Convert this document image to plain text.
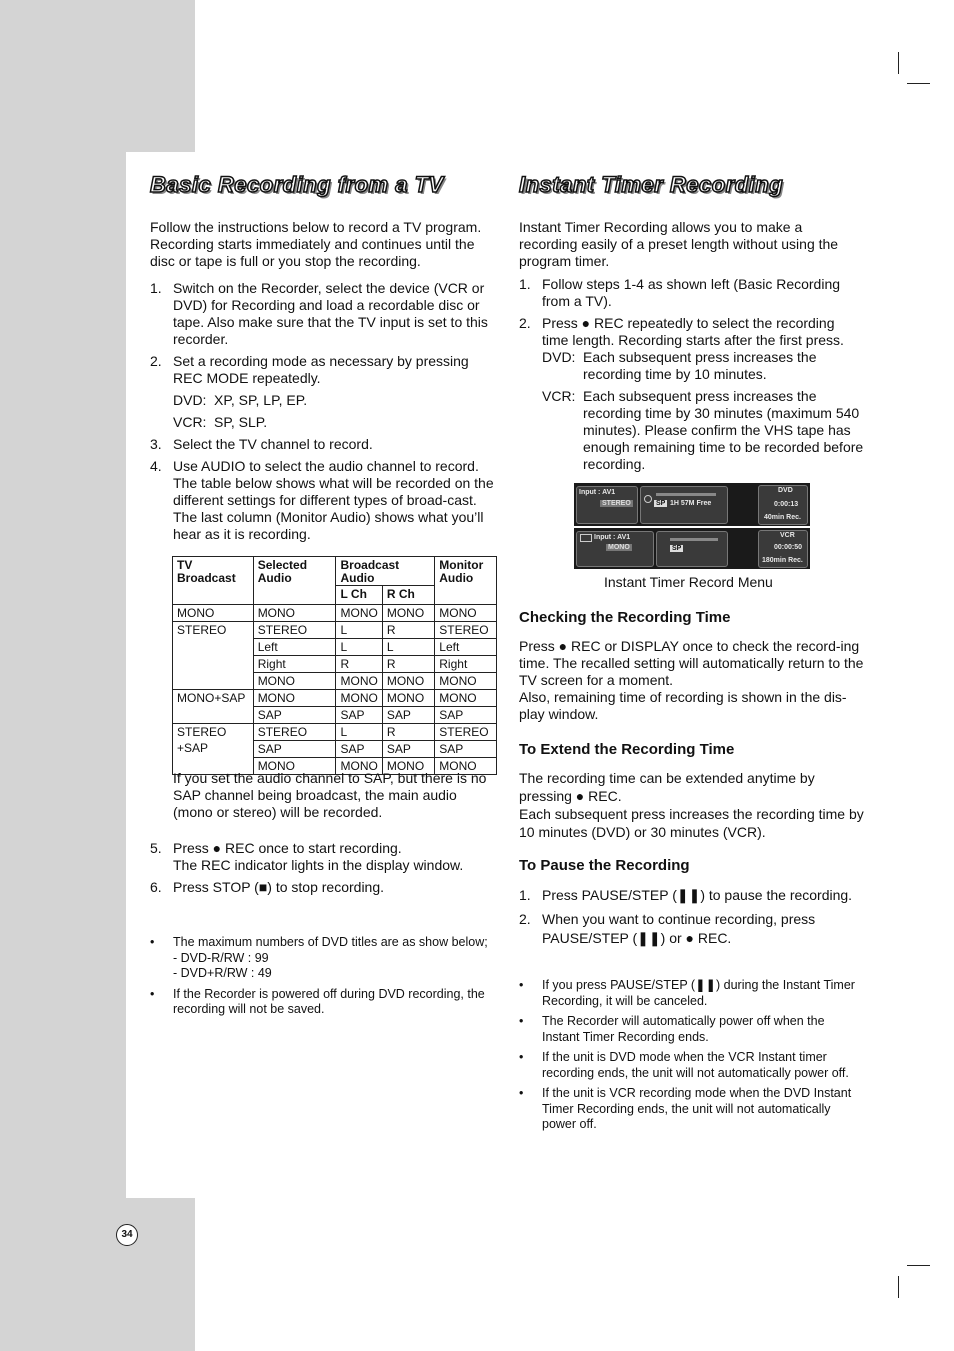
34
Basic Recording from a TV

Follow the instructions below to record a TV program. Recording starts immediately and continues until the disc or tape is full or you stop the recording.

1. Switch on the Recorder, select the device (VCR or DVD) for Recording and load a recordable disc or tape. Also make sure that the TV input is set to this recorder.
2. Set a recording mode as necessary by pressing REC MODE repeatedly.
DVD: XP, SP, LP, EP.
VCR: SP, SLP.
3. Select the TV channel to record.
4. Use AUDIO to select the audio channel to record. The table below shows what will be recorded on the different settings for different types of broad-cast. The last column (Monitor Audio) shows what you’ll hear as it is recording.
TV Broadcast	Selected Audio	Broadcast Audio		Monitor Audio
		L Ch	R Ch	
MONO	MONO	MONO	MONO	MONO
STEREO	STEREO	L	R	STEREO
	Left	L	L	Left
	Right	R	R	Right
	MONO	MONO	MONO	MONO
MONO+SAP	MONO	MONO	MONO	MONO
	SAP	SAP	SAP	SAP
STEREO
+SAP	STEREO	L	R	STEREO
	SAP	SAP	SAP	SAP
	MONO	MONO	MONO	MONO

If you set the audio channel to SAP, but there is no SAP channel being broadcast, the main audio (mono or stereo) will be recorded.

5. Press ● REC once to start recording.
The REC indicator lights in the display window.
6. Press STOP (■) to stop recording.
• The maximum numbers of DVD titles are as show below;
- DVD-R/RW : 99
- DVD+R/RW : 49
• If the Recorder is powered off during DVD recording, the recording will not be saved.
Instant Timer Recording

Instant Timer Recording allows you to make a recording easily of a preset length without using the program timer.

1. Follow steps 1-4 as shown left (Basic Recording from a TV).
2. Press ● REC repeatedly to select the recording time length. Recording starts after the first press.
DVD: Each subsequent press increases the recording time by 10 minutes.
VCR: Each subsequent press increases the recording time by 30 minutes (maximum 540 minutes). Please confirm the VHS tape has enough remaining time to be recorded before recording.
Input : AV1
STEREO	SP 1H 57M Free
DVD
0:00:13
40min Rec.
Input : AV1
MONO	SP
VCR
00:00:50
180min Rec.
Instant Timer Record Menu
Checking the Recording Time
Press ● REC or DISPLAY once to check the record-ing time. The recalled setting will automatically return to the TV screen for a moment.
Also, remaining time of recording is shown in the dis-play window.
To Extend the Recording Time
The recording time can be extended anytime by pressing ● REC.
Each subsequent press increases the recording time by 10 minutes (DVD) or 30 minutes (VCR).
To Pause the Recording
1. Press PAUSE/STEP (❚❚) to pause the recording.
2. When you want to continue recording, press PAUSE/STEP (❚❚) or ● REC.
• If you press PAUSE/STEP (❚❚) during the Instant Timer Recording, it will be canceled.
• The Recorder will automatically power off when the Instant Timer Recording ends.
• If the unit is DVD mode when the VCR Instant timer recording ends, the unit will not automatically power off.
• If the unit is VCR recording mode when the DVD Instant Timer Recording ends, the unit will not automatically power off.
